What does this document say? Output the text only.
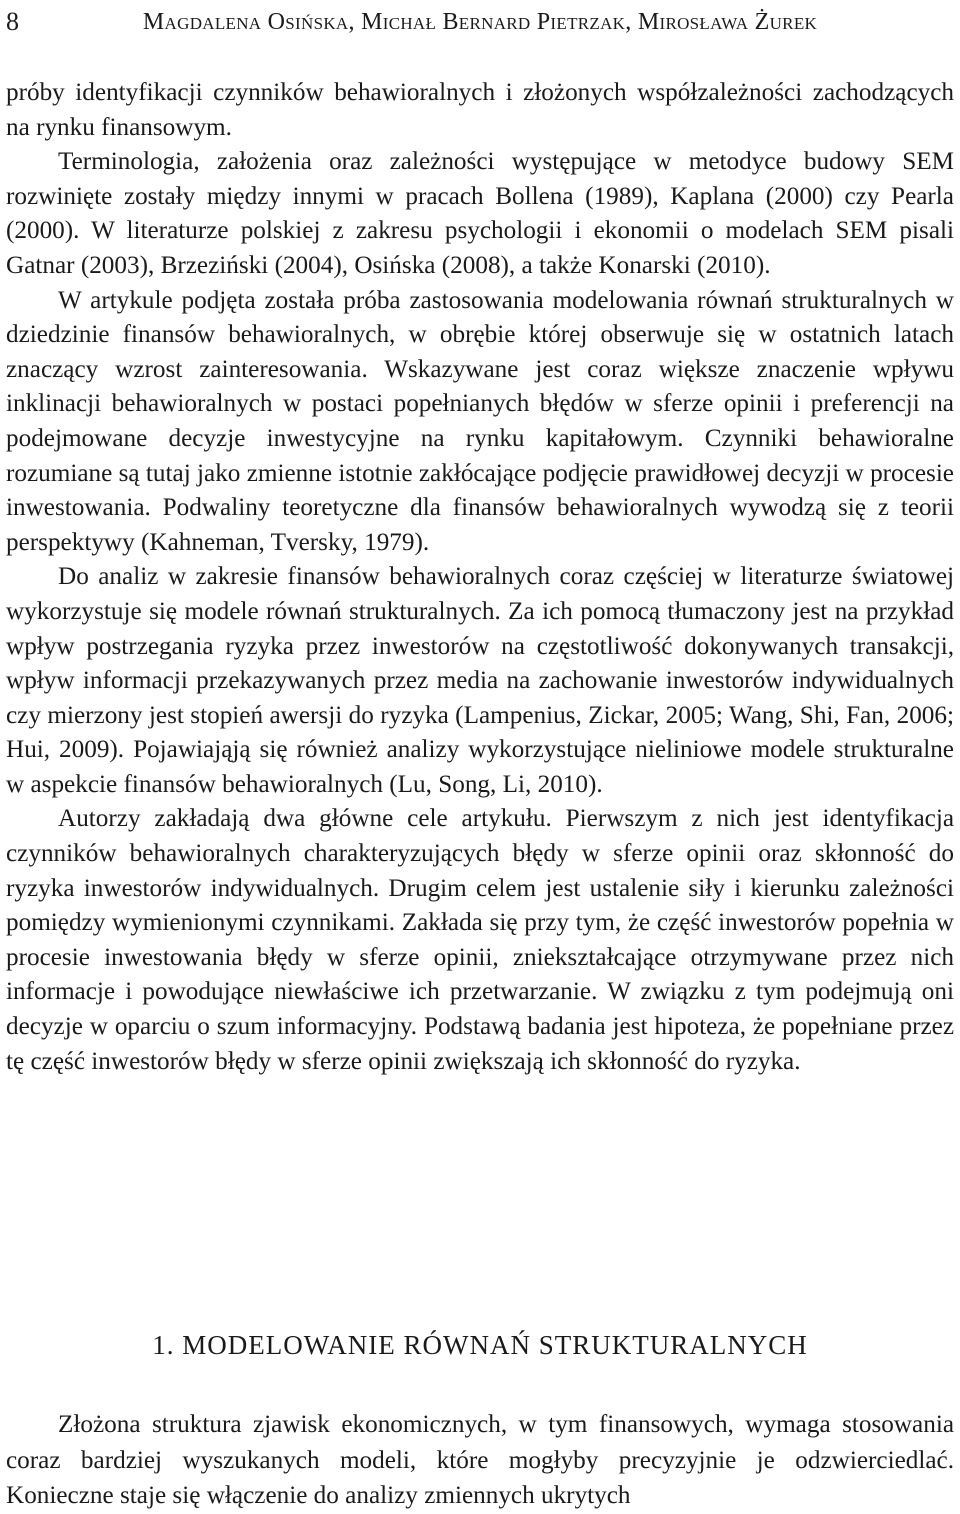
8	Magdalena Osińska, Michał Bernard Pietrzak, Mirosława Żurek

próby identyfikacji czynników behawioralnych i złożonych współzależności zachodzących na rynku finansowym.

Terminologia, założenia oraz zależności występujące w metodyce budowy SEM rozwinięte zostały między innymi w pracach Bollena (1989), Kaplana (2000) czy Pearla (2000). W literaturze polskiej z zakresu psychologii i ekonomii o modelach SEM pisali Gatnar (2003), Brzeziński (2004), Osińska (2008), a także Konarski (2010).

W artykule podjęta została próba zastosowania modelowania równań strukturalnych w dziedzinie finansów behawioralnych, w obrębie której obserwuje się w ostatnich latach znaczący wzrost zainteresowania. Wskazywane jest coraz większe znaczenie wpływu inklinacji behawioralnych w postaci popełnianych błędów w sferze opinii i preferencji na podejmowane decyzje inwestycyjne na rynku kapitałowym. Czynniki behawioralne rozumiane są tutaj jako zmienne istotnie zakłócające podjęcie prawidłowej decyzji w procesie inwestowania. Podwaliny teoretyczne dla finansów behawioralnych wywodzą się z teorii perspektywy (Kahneman, Tversky, 1979).

Do analiz w zakresie finansów behawioralnych coraz częściej w literaturze światowej wykorzystuje się modele równań strukturalnych. Za ich pomocą tłumaczony jest na przykład wpływ postrzegania ryzyka przez inwestorów na częstotliwość dokonywanych transakcji, wpływ informacji przekazywanych przez media na zachowanie inwestorów indywidualnych czy mierzony jest stopień awersji do ryzyka (Lampenius, Zickar, 2005; Wang, Shi, Fan, 2006; Hui, 2009). Pojawiająją się również analizy wykorzystujące nieliniowe modele strukturalne w aspekcie finansów behawioralnych (Lu, Song, Li, 2010).

Autorzy zakładają dwa główne cele artykułu. Pierwszym z nich jest identyfikacja czynników behawioralnych charakteryzujących błędy w sferze opinii oraz skłonność do ryzyka inwestorów indywidualnych. Drugim celem jest ustalenie siły i kierunku zależności pomiędzy wymienionymi czynnikami. Zakłada się przy tym, że część inwestorów popełnia w procesie inwestowania błędy w sferze opinii, zniekształcające otrzymywane przez nich informacje i powodujące niewłaściwe ich przetwarzanie. W związku z tym podejmują oni decyzje w oparciu o szum informacyjny. Podstawą badania jest hipoteza, że popełniane przez tę część inwestorów błędy w sferze opinii zwiększają ich skłonność do ryzyka.

1. MODELOWANIE RÓWNAŃ STRUKTURALNYCH

Złożona struktura zjawisk ekonomicznych, w tym finansowych, wymaga stosowania coraz bardziej wyszukanych modeli, które mogłyby precyzyjnie je odzwierciedlać. Konieczne staje się włączenie do analizy zmiennych ukrytych
